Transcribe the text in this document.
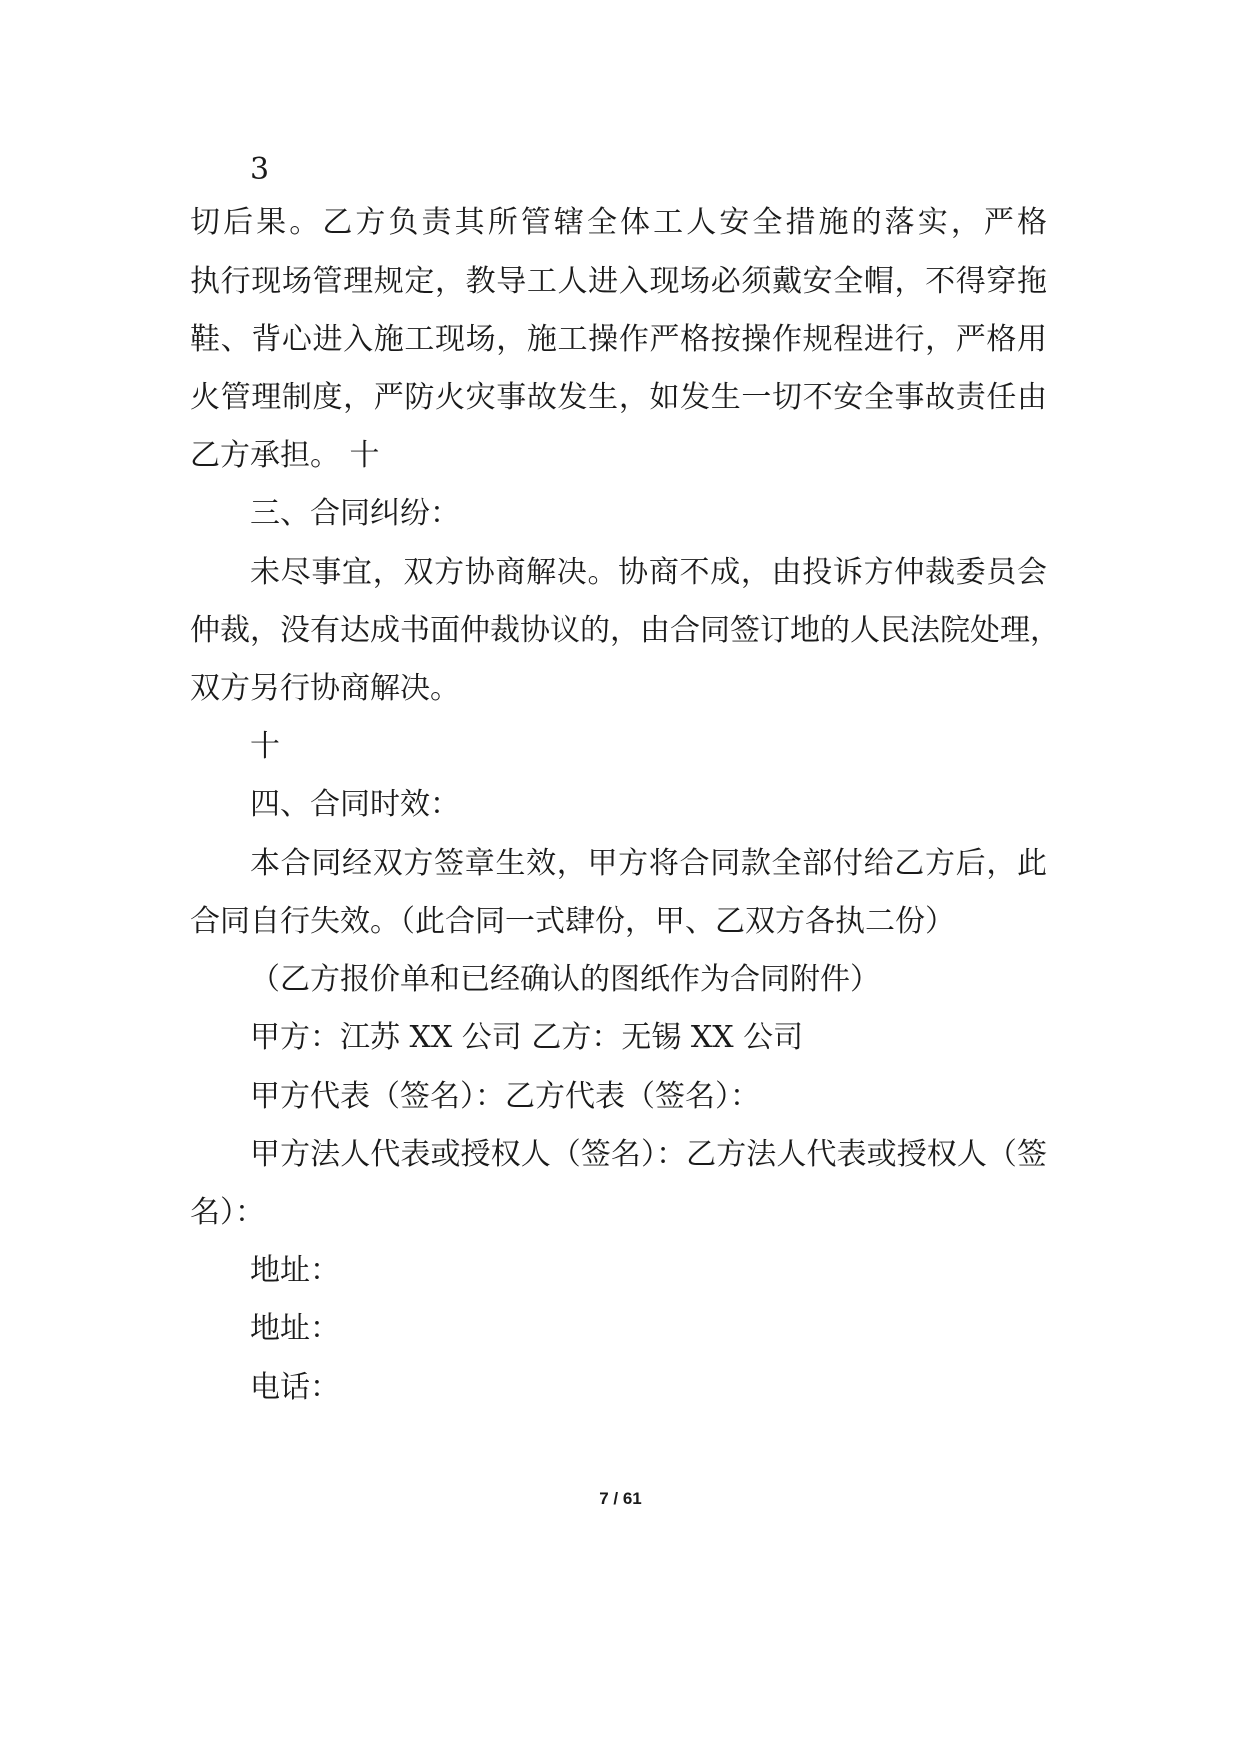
3
切后果。乙方负责其所管辖全体工人安全措施的落实，严格
执行现场管理规定，教导工人进入现场必须戴安全帽，不得穿拖
鞋、背心进入施工现场，施工操作严格按操作规程进行，严格用
火管理制度，严防火灾事故发生，如发生一切不安全事故责任由
乙方承担。 十
三、合同纠纷：
未尽事宜，双方协商解决。协商不成，由投诉方仲裁委员会
仲裁，没有达成书面仲裁协议的，由合同签订地的人民法院处理，
双方另行协商解决。
十
四、合同时效：
本合同经双方签章生效，甲方将合同款全部付给乙方后，此
合同自行失效。（此合同一式肆份，甲、乙双方各执二份）
（乙方报价单和已经确认的图纸作为合同附件）
甲方：江苏 XX 公司 乙方：无锡 XX 公司
甲方代表（签名）：乙方代表（签名）：
甲方法人代表或授权人（签名）：乙方法人代表或授权人（签
名）：
地址：
地址：
电话：
7 / 61
